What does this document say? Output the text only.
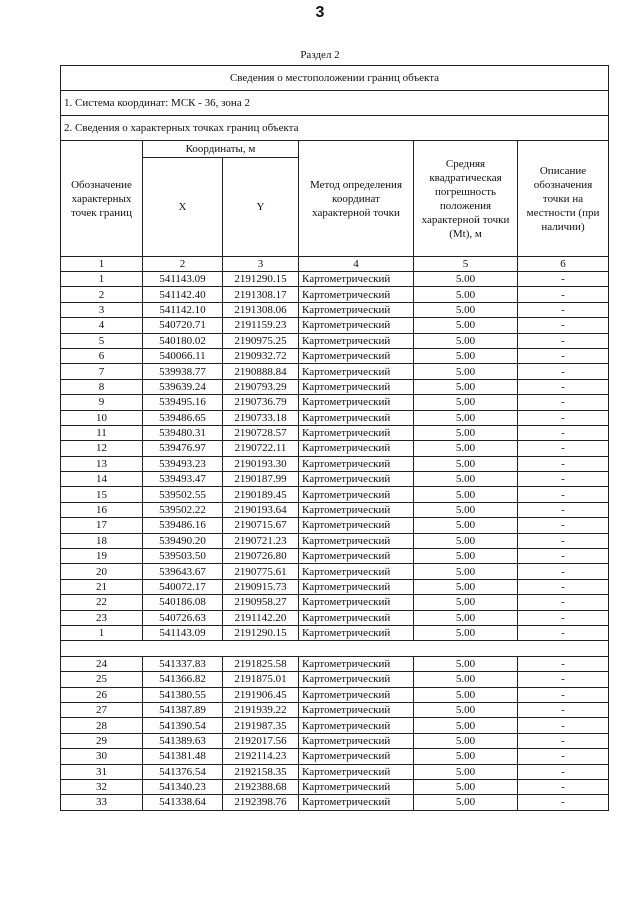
3
Раздел 2
Сведения о местоположении границ объекта					
1. Система координат: МСК - 36, зона 2					
2. Сведения о характерных точках границ объекта					
Обозначение характерных точек границ	Координаты, м		Метод определения координат характерной точки	Средняя квадратическая погрешность положения характерной точки (Mt), м	Описание обозначения точки на местности (при наличии)
	X	Y			
1	2	3	4	5	6
1	541143.09	2191290.15	Картометрический	5.00	-
2	541142.40	2191308.17	Картометрический	5.00	-
3	541142.10	2191308.06	Картометрический	5.00	-
4	540720.71	2191159.23	Картометрический	5.00	-
5	540180.02	2190975.25	Картометрический	5.00	-
6	540066.11	2190932.72	Картометрический	5.00	-
7	539938.77	2190888.84	Картометрический	5.00	-
8	539639.24	2190793.29	Картометрический	5.00	-
9	539495.16	2190736.79	Картометрический	5.00	-
10	539486.65	2190733.18	Картометрический	5.00	-
11	539480.31	2190728.57	Картометрический	5.00	-
12	539476.97	2190722.11	Картометрический	5.00	-
13	539493.23	2190193.30	Картометрический	5.00	-
14	539493.47	2190187.99	Картометрический	5.00	-
15	539502.55	2190189.45	Картометрический	5.00	-
16	539502.22	2190193.64	Картометрический	5.00	-
17	539486.16	2190715.67	Картометрический	5.00	-
18	539490.20	2190721.23	Картометрический	5.00	-
19	539503.50	2190726.80	Картометрический	5.00	-
20	539643.67	2190775.61	Картометрический	5.00	-
21	540072.17	2190915.73	Картометрический	5.00	-
22	540186.08	2190958.27	Картометрический	5.00	-
23	540726.63	2191142.20	Картометрический	5.00	-
1	541143.09	2191290.15	Картометрический	5.00	-

24	541337.83	2191825.58	Картометрический	5.00	-
25	541366.82	2191875.01	Картометрический	5.00	-
26	541380.55	2191906.45	Картометрический	5.00	-
27	541387.89	2191939.22	Картометрический	5.00	-
28	541390.54	2191987.35	Картометрический	5.00	-
29	541389.63	2192017.56	Картометрический	5.00	-
30	541381.48	2192114.23	Картометрический	5.00	-
31	541376.54	2192158.35	Картометрический	5.00	-
32	541340.23	2192388.68	Картометрический	5.00	-
33	541338.64	2192398.76	Картометрический	5.00	-
